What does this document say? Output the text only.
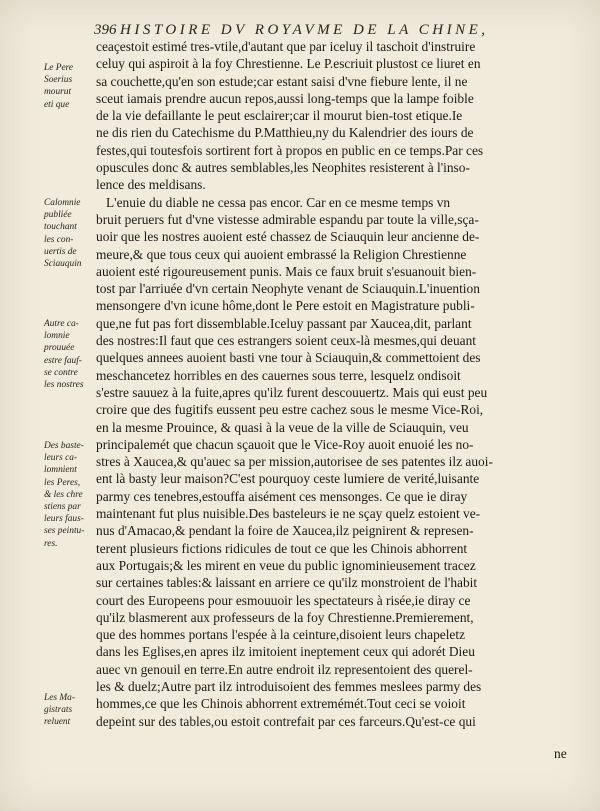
396 HISTOIRE DV ROYAVME DE LA CHINE,
ceaçestoit estimé tres-vtile,d'autant que par iceluy il taschoit d'instruire
celuy qui aspiroit à la foy Chrestienne. Le P.escriuit plustost ce liuret en
sa couchette,qu'en son estude;car estant saisi d'vne fiebure lente, il ne
sceut iamais prendre aucun repos,aussi long-temps que la lampe foible
de la vie defaillante le peut esclairer;car il mourut bien-tost etique.Ie
ne dis rien du Catechisme du P.Matthieu,ny du Kalendrier des iours de
festes,qui toutesfois sortirent fort à propos en public en ce temps.Par ces
opuscules donc & autres semblables,les Neophites resisterent à l'inso-
lence des meldisans.
L'enuie du diable ne cessa pas encor. Car en ce mesme temps vn
bruit peruers fut d'vne vistesse admirable espandu par toute la ville,sça-
uoir que les nostres auoient esté chassez de Sciauquin leur ancienne de-
meure,& que tous ceux qui auoient embrassé la Religion Chrestienne
auoient esté rigoureusement punis. Mais ce faux bruit s'esuanouit bien-
tost par l'arriuée d'vn certain Neophyte venant de Sciauquin.L'inuention
mensongere d'vn icune hôme,dont le Pere estoit en Magistrature publi-
que,ne fut pas fort dissemblable.Iceluy passant par Xaucea,dit, parlant
des nostres:Il faut que ces estrangers soient ceux-là mesmes,qui deuant
quelques annees auoient basti vne tour à Sciauquin,& commettoient des
meschancetez horribles en des cauernes sous terre, lesquelz ondisoit
s'estre sauuez à la fuite,apres qu'ilz furent descouuertz. Mais qui eust peu
croire que des fugitifs eussent peu estre cachez sous le mesme Vice-Roi,
en la mesme Prouince, & quasi à la veue de la ville de Sciauquin, veu
principalemét que chacun sçauoit que le Vice-Roy auoit enuoié les no-
stres à Xaucea,& qu'auec sa per mission,autorisee de ses patentes ilz auoi-
ent là basty leur maison?C'est pourquoy ceste lumiere de verité,luisante
parmy ces tenebres,estouffa aisément ces mensonges. Ce que ie diray
maintenant fut plus nuisible.Des basteleurs ie ne sçay quelz estoient ve-
nus d'Amacao,& pendant la foire de Xaucea,ilz peignirent & represen-
terent plusieurs fictions ridicules de tout ce que les Chinois abhorrent
aux Portugais;& les mirent en veue du public ignominieusement tracez
sur certaines tables:& laissant en arriere ce qu'ilz monstroient de l'habit
court des Europeens pour esmouuoir les spectateurs à risée,ie diray ce
qu'ilz blasmerent aux professeurs de la foy Chrestienne.Premierement,
que des hommes portans l'espée à la ceinture,disoient leurs chapeletz
dans les Eglises,en apres ilz imitoient ineptement ceux qui adorét Dieu
auec vn genouil en terre.En autre endroit ilz representoient des querel-
les & duelz;Autre part ilz introduisoient des femmes meslees parmy des
hommes,ce que les Chinois abhorrent extremémét.Tout ceci se voioit
depeint sur des tables,ou estoit contrefait par ces farceurs.Qu'est-ce qui
ne
Le Pere
Soerius
mourut
eti que
Calomnie
publiée
touchant
les con-
uertis de
Sciauquin
Autre ca-
lomnie
prouuée
estre fauf-
se contre
les nostres
Des baste-
leurs ca-
lomnient
les Peres,
& les chre
stiens par
leurs faus-
ses peintu-
res.
Les Ma-
gistrats
reluent
